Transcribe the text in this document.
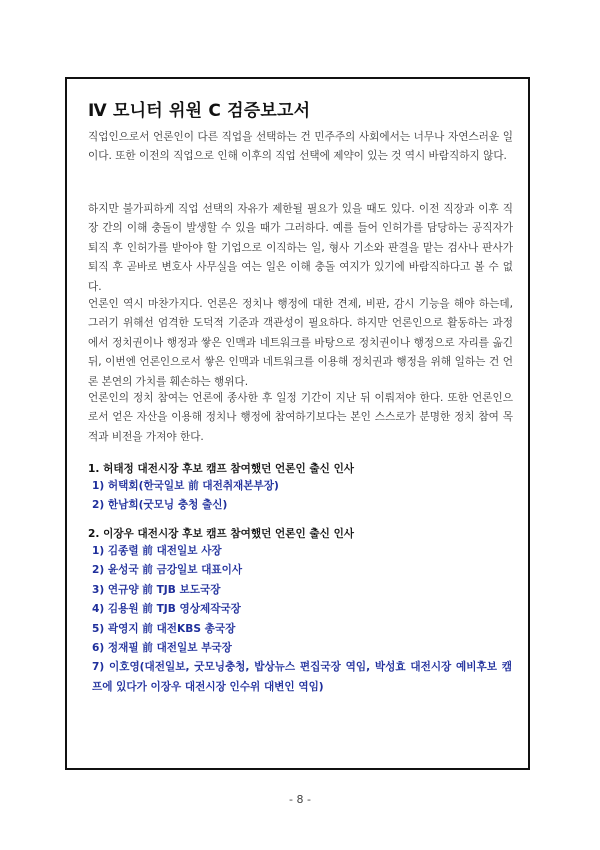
Ⅳ 모니터 위원 C 검증보고서

직업인으로서 언론인이 다른 직업을 선택하는 건 민주주의 사회에서는 너무나 자연스러운 일이다. 또한 이전의 직업으로 인해 이후의 직업 선택에 제약이 있는 것 역시 바람직하지 않다.

하지만 불가피하게 직업 선택의 자유가 제한될 필요가 있을 때도 있다. 이전 직장과 이후 직장 간의 이해 충돌이 발생할 수 있을 때가 그러하다. 예를 들어 인허가를 담당하는 공직자가 퇴직 후 인허가를 받아야 할 기업으로 이직하는 일, 형사 기소와 판결을 맡는 검사나 판사가 퇴직 후 곧바로 변호사 사무실을 여는 일은 이해 충돌 여지가 있기에 바람직하다고 볼 수 없다.

언론인 역시 마찬가지다. 언론은 정치나 행정에 대한 견제, 비판, 감시 기능을 해야 하는데, 그러기 위해선 엄격한 도덕적 기준과 객관성이 필요하다. 하지만 언론인으로 활동하는 과정에서 정치권이나 행정과 쌓은 인맥과 네트워크를 바탕으로 정치권이나 행정으로 자리를 옮긴 뒤, 이번엔 언론인으로서 쌓은 인맥과 네트워크를 이용해 정치권과 행정을 위해 일하는 건 언론 본연의 가치를 훼손하는 행위다.

언론인의 정치 참여는 언론에 종사한 후 일정 기간이 지난 뒤 이뤄져야 한다. 또한 언론인으로서 얻은 자산을 이용해 정치나 행정에 참여하기보다는 본인 스스로가 분명한 정치 참여 목적과 비전을 가져야 한다.

1. 허태정 대전시장 후보 캠프 참여했던 언론인 출신 인사
1) 허택회(한국일보 前 대전취재본부장)
2) 한남희(굿모닝 충청 출신)
2. 이장우 대전시장 후보 캠프 참여했던 언론인 출신 인사
1) 김종렬 前 대전일보 사장
2) 윤성국 前 금강일보 대표이사
3) 연규양 前 TJB 보도국장
4) 김용원 前 TJB 영상제작국장
5) 곽영지 前 대전KBS 총국장
6) 정재필 前 대전일보 부국장
7) 이호영(대전일보, 굿모닝충청, 밥상뉴스 편집국장 역임, 박성효 대전시장 예비후보 캠프에 있다가 이장우 대전시장 인수위 대변인 역임)
- 8 -
